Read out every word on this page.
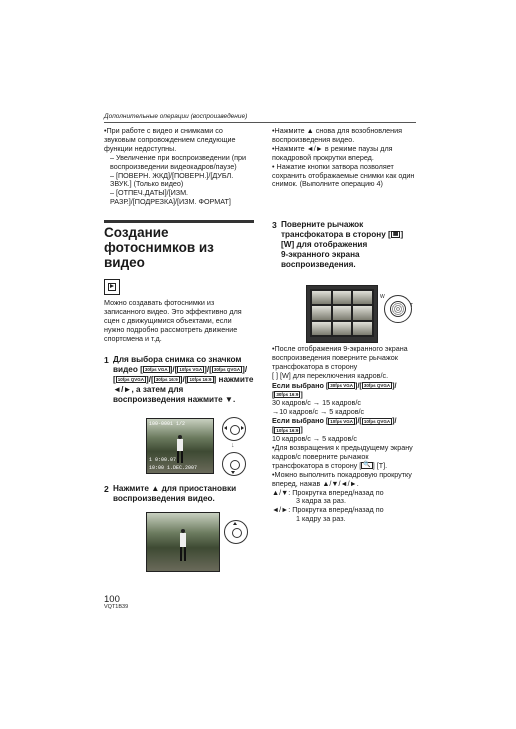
Дополнительные операции (воспроизведение)
•При работе с видео и снимками со звуковым сопровождением следующие функции недоступны.
– Увеличение при воспроизведении (при воспроизведении видеокадров/паузе)
– [ПОВЕРН. ЖКД]/[ПОВЕРН.]/[ДУБЛ. ЗВУК.] (Только видео)
– [ОТПЕЧ.ДАТЫ]/[ИЗМ. РАЗР.]/[ПОДРЕЗКА]/[ИЗМ. ФОРМАТ]
Создание
фотоснимков из
видео
Можно создавать фотоснимки из записанного видео. Это эффективно для сцен с движущимися объектами, если нужно подробно рассмотреть движение спортсмена и т.д.
1 Для выбора снимка со значком
видео [ 30fps VGA ]/[ 10fps VGA ]/[ 30fps QVGA ]/
[ 10fps QVGA ]/[ 30fps 16:9 ]/[ 10fps 16:9 ] нажмите
◄/►, а затем для
воспроизведения нажмите ▼.
100-0001 1/2
1 0:00.07
10:00 1.DEC.2007
↓
2 Нажмите ▲ для приостановки
воспроизведения видео.
•Нажмите ▲ снова для возобновления воспроизведения видео.
•Нажмите ◄/► в режиме паузы для покадровой прокрутки вперед.
• Нажатие кнопки затвора позволяет сохранить отображаемые снимки как один снимок. (Выполните операцию 4)
3 Поверните рычажок
трансфокатора в сторону [ ▦ ]
[W] для отображения
9-экранного экрана
воспроизведения.
W
T
•После отображения 9-экранного экрана воспроизведения поверните рычажок трансфокатора в сторону
[ ] [W] для переключения кадров/с.
Если выбрано [ 30fps VGA ]/[ 30fps QVGA ]/
[ 30fps 16:9 ]
30 кадров/с → 15 кадров/с
→10 кадров/с → 5 кадров/с
Если выбрано [ 10fps VGA ]/[ 10fps QVGA ]/
[ 10fps 16:9 ]
10 кадров/с → 5 кадров/с
•Для возвращения к предыдущему экрану кадров/с поверните рычажок трансфокатора в сторону [ 🔍 ] [T].
•Можно выполнить покадровую прокрутку вперед, нажав ▲/▼/◄/►.
▲/▼: Прокрутка вперед/назад по
3 кадра за раз.
◄/►: Прокрутка вперед/назад по
1 кадру за раз.
100
VQT1B39
